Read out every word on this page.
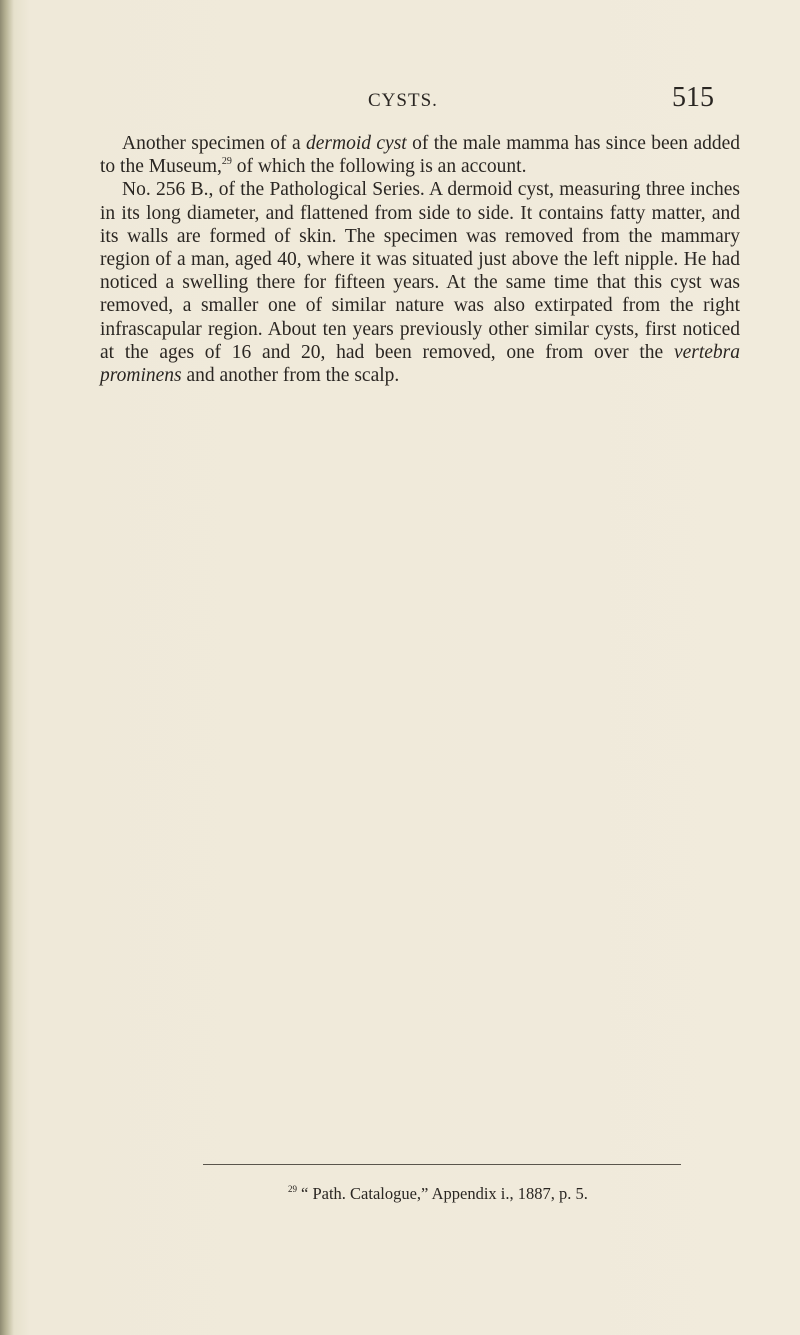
CYSTS.	515

Another specimen of a dermoid cyst of the male mamma has since been added to the Museum,$^{29}$ of which the following is an account.

No. 256 B., of the Pathological Series. A dermoid cyst, measuring three inches in its long diameter, and flattened from side to side. It contains fatty matter, and its walls are formed of skin. The specimen was removed from the mammary region of a man, aged 40, where it was situated just above the left nipple. He had noticed a swelling there for fifteen years. At the same time that this cyst was removed, a smaller one of similar nature was also extirpated from the right infrascapular region. About ten years previously other similar cysts, first noticed at the ages of 16 and 20, had been removed, one from over the vertebra prominens and another from the scalp.

$^{29}$ “ Path. Catalogue,” Appendix i., 1887, p. 5.
